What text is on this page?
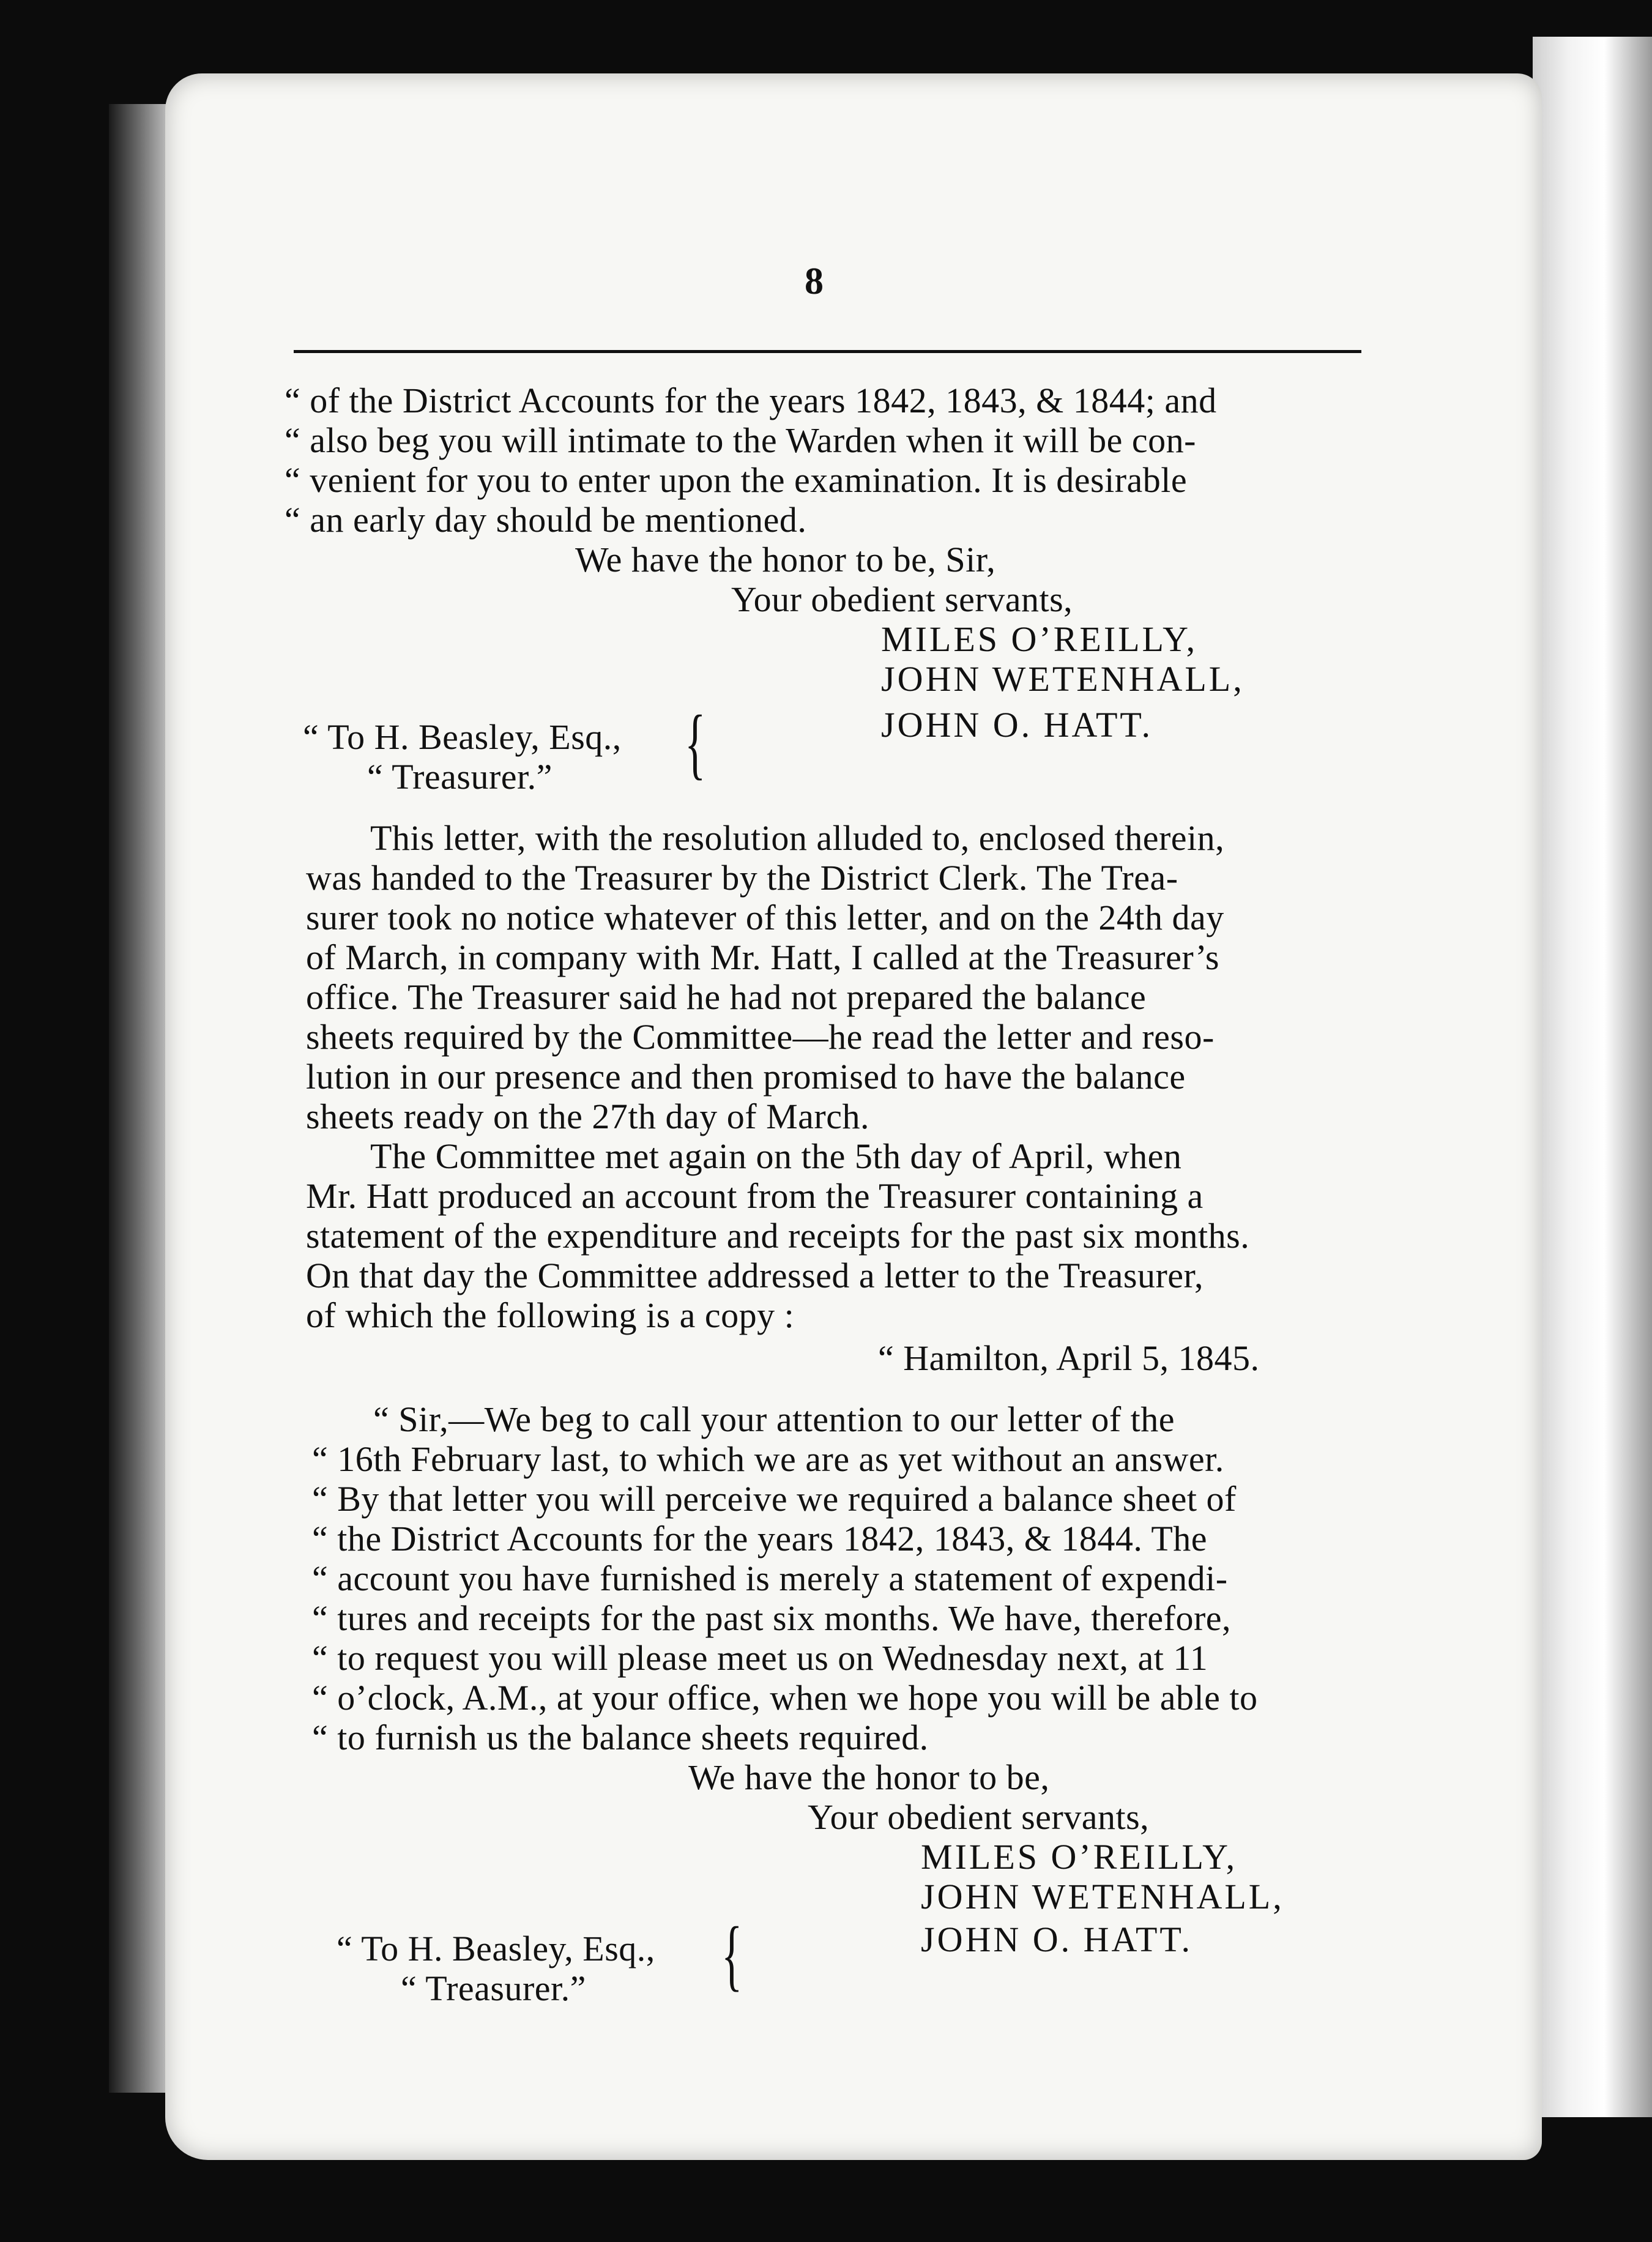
8
“ of the District Accounts for the years 1842, 1843, & 1844; and
“ also beg you will intimate to the Warden when it will be con-
“ venient for you to enter upon the examination. It is desirable
“ an early day should be mentioned.
We have the honor to be, Sir,
Your obedient servants,
MILES O’REILLY,
JOHN WETENHALL,
JOHN O. HATT.
“ To H. Beasley, Esq.,
“ Treasurer.” {
This letter, with the resolution alluded to, enclosed therein,
was handed to the Treasurer by the District Clerk. The Trea-
surer took no notice whatever of this letter, and on the 24th day
of March, in company with Mr. Hatt, I called at the Treasurer’s
office. The Treasurer said he had not prepared the balance
sheets required by the Committee—he read the letter and reso-
lution in our presence and then promised to have the balance
sheets ready on the 27th day of March.
The Committee met again on the 5th day of April, when
Mr. Hatt produced an account from the Treasurer containing a
statement of the expenditure and receipts for the past six months.
On that day the Committee addressed a letter to the Treasurer,
of which the following is a copy :
“ Hamilton, April 5, 1845.
“ Sir,—We beg to call your attention to our letter of the
“ 16th February last, to which we are as yet without an answer.
“ By that letter you will perceive we required a balance sheet of
“ the District Accounts for the years 1842, 1843, & 1844. The
“ account you have furnished is merely a statement of expendi-
“ tures and receipts for the past six months. We have, therefore,
“ to request you will please meet us on Wednesday next, at 11
“ o’clock, A.M., at your office, when we hope you will be able to
“ to furnish us the balance sheets required.
We have the honor to be,
Your obedient servants,
MILES O’REILLY,
JOHN WETENHALL,
JOHN O. HATT.
“ To H. Beasley, Esq.,
“ Treasurer.” {
